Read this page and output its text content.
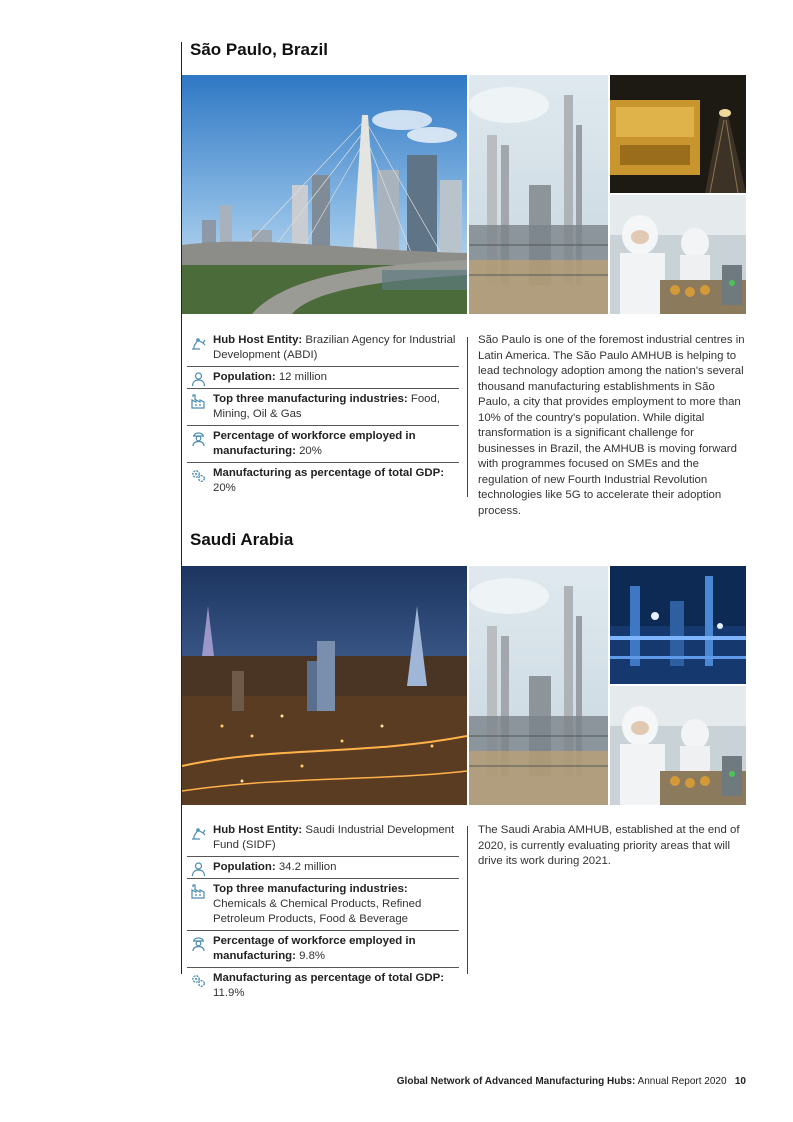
São Paulo, Brazil
Hub Host Entity: Brazilian Agency for Industrial Development (ABDI)
Population: 12 million
Top three manufacturing industries: Food, Mining, Oil & Gas
Percentage of workforce employed in manufacturing: 20%
Manufacturing as percentage of total GDP: 20%

São Paulo is one of the foremost industrial centres in Latin America. The São Paulo AMHUB is helping to lead technology adoption among the nation's several thousand manufacturing establishments in São Paulo, a city that provides employment to more than 10% of the country's population. While digital transformation is a significant challenge for businesses in Brazil, the AMHUB is moving forward with programmes focused on SMEs and the regulation of new Fourth Industrial Revolution technologies like 5G to accelerate their adoption process.

Saudi Arabia
Hub Host Entity: Saudi Industrial Development Fund (SIDF)
Population: 34.2 million
Top three manufacturing industries: Chemicals & Chemical Products, Refined Petroleum Products, Food & Beverage
Percentage of workforce employed in manufacturing: 9.8%
Manufacturing as percentage of total GDP: 11.9%

The Saudi Arabia AMHUB, established at the end of 2020, is currently evaluating priority areas that will drive its work during 2021.

Global Network of Advanced Manufacturing Hubs: Annual Report 2020 10
